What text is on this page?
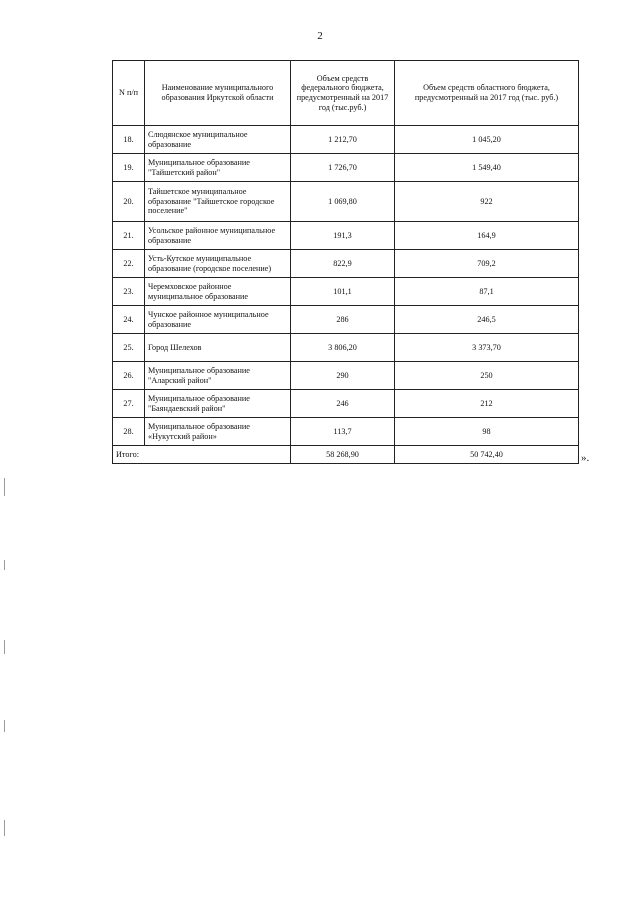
2
N п/п	Наименование муниципального образования Иркутской области	Объем средств федерального бюджета, предусмотренный на 2017 год (тыс.руб.)	Объем средств областного бюджета, предусмотренный на 2017 год (тыс. руб.)
18.	Слюдянское муниципальное образование	1 212,70	1 045,20
19.	Муниципальное образование "Тайшетский район"	1 726,70	1 549,40
20.	Тайшетское муниципальное образование "Тайшетское городское поселение"	1 069,80	922
21.	Усольское районное муниципальное образование	191,3	164,9
22.	Усть-Кутское муниципальное образование (городское поселение)	822,9	709,2
23.	Черемховское районное муниципальное образование	101,1	87,1
24.	Чунское районное муниципальное образование	286	246,5
25.	Город Шелехов	3 806,20	3 373,70
26.	Муниципальное образование "Аларский район"	290	250
27.	Муниципальное образование "Баяндаевский район"	246	212
28.	Муниципальное образование «Нукутский район»	113,7	98
Итого:		58 268,90	50 742,40	».
